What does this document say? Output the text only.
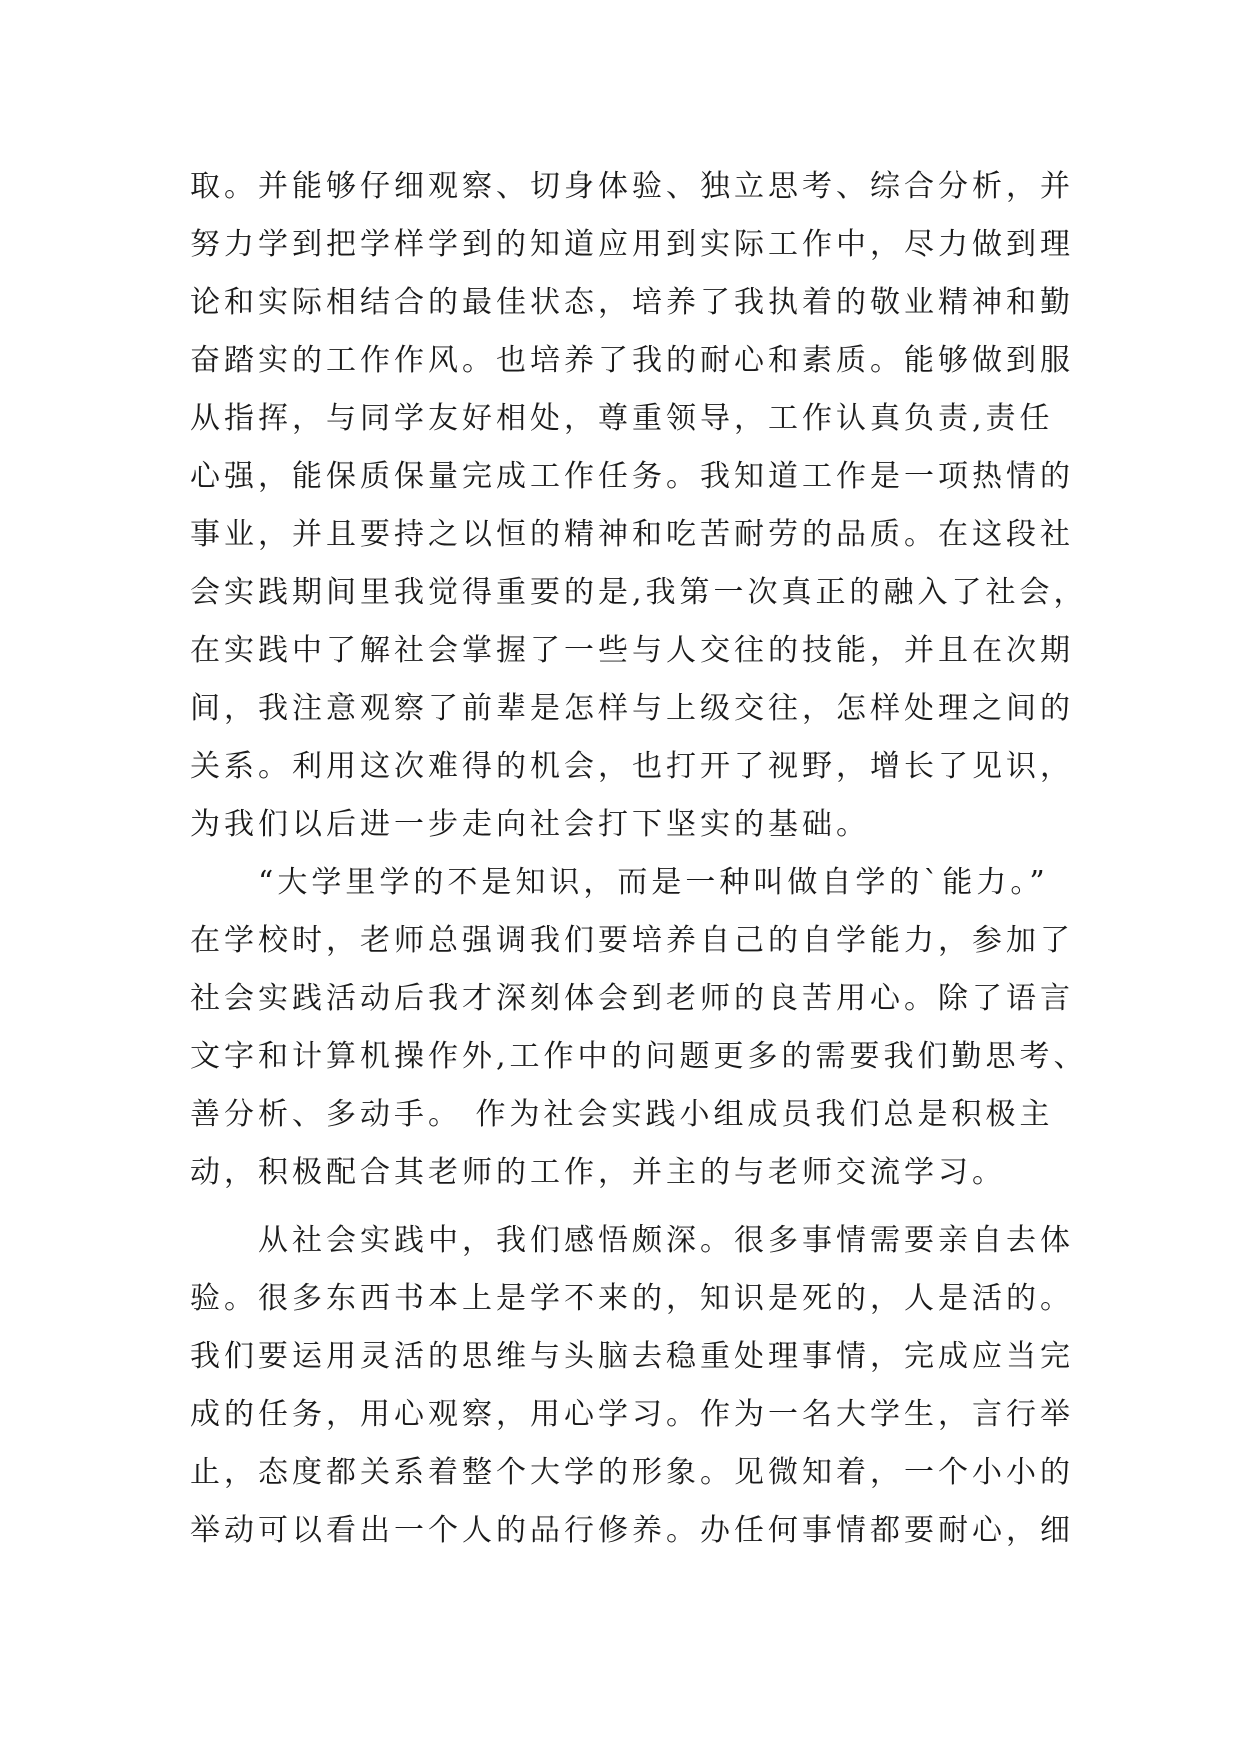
取。并能够仔细观察、切身体验、独立思考、综合分析，并
努力学到把学样学到的知道应用到实际工作中，尽力做到理
论和实际相结合的最佳状态，培养了我执着的敬业精神和勤
奋踏实的工作作风。也培养了我的耐心和素质。能够做到服
从指挥，与同学友好相处，尊重领导，工作认真负责,责任
心强，能保质保量完成工作任务。我知道工作是一项热情的
事业，并且要持之以恒的精神和吃苦耐劳的品质。在这段社
会实践期间里我觉得重要的是,我第一次真正的融入了社会，
在实践中了解社会掌握了一些与人交往的技能，并且在次期
间，我注意观察了前辈是怎样与上级交往，怎样处理之间的
关系。利用这次难得的机会，也打开了视野，增长了见识，
为我们以后进一步走向社会打下坚实的基础。
　　“大学里学的不是知识，而是一种叫做自学的`能力。”
在学校时，老师总强调我们要培养自己的自学能力，参加了
社会实践活动后我才深刻体会到老师的良苦用心。除了语言
文字和计算机操作外,工作中的问题更多的需要我们勤思考、
善分析、多动手。 作为社会实践小组成员我们总是积极主
动，积极配合其老师的工作，并主的与老师交流学习。
　　从社会实践中，我们感悟颇深。很多事情需要亲自去体
验。很多东西书本上是学不来的，知识是死的，人是活的。
我们要运用灵活的思维与头脑去稳重处理事情，完成应当完
成的任务，用心观察，用心学习。作为一名大学生，言行举
止，态度都关系着整个大学的形象。见微知着，一个小小的
举动可以看出一个人的品行修养。办任何事情都要耐心，细
